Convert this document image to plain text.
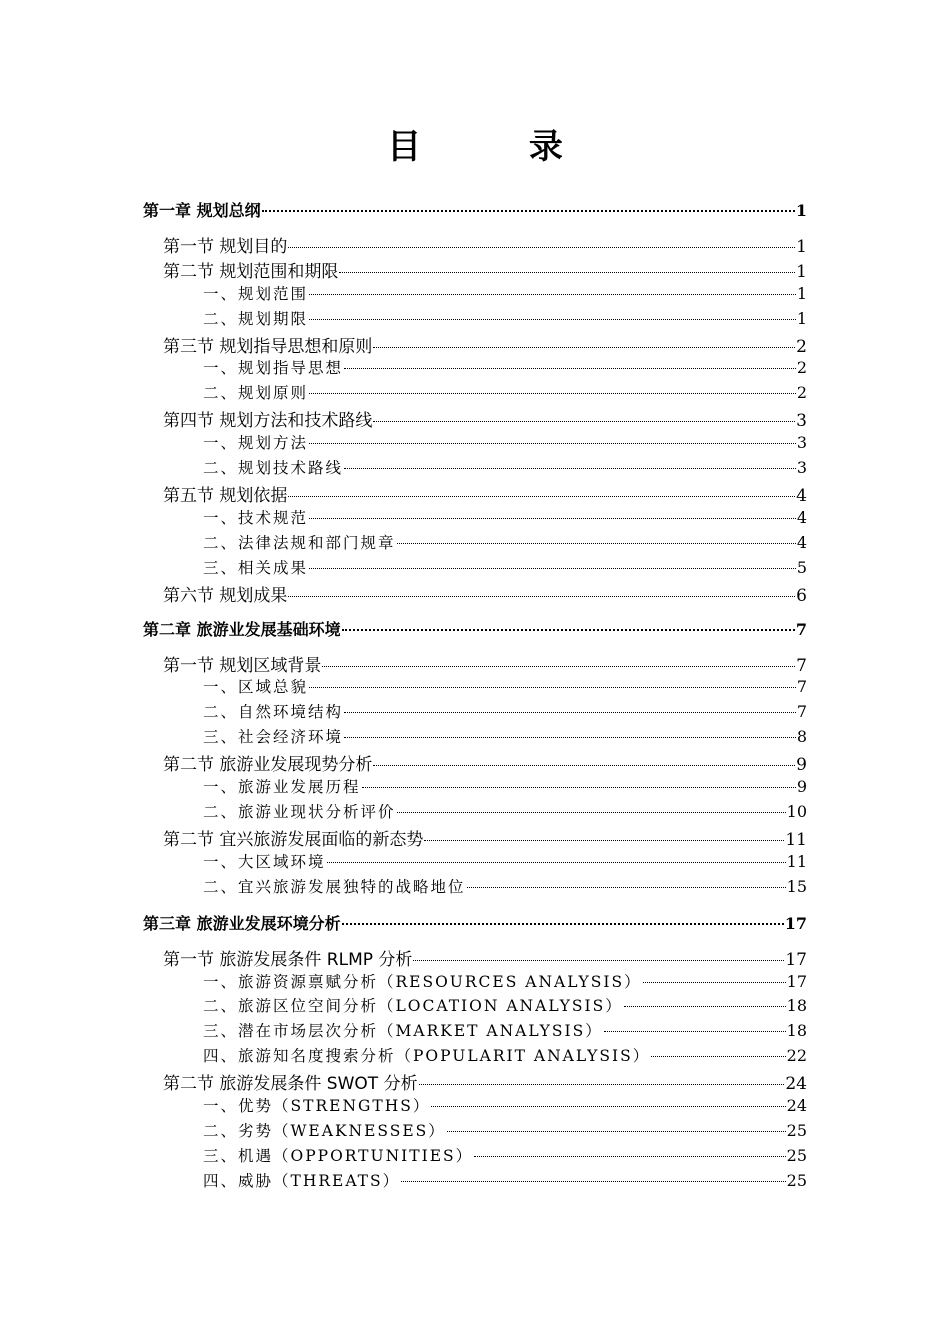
目 录
第一章 规划总纲	1
第一节 规划目的	1
第二节 规划范围和期限	1
一、规划范围	1
二、规划期限	1
第三节 规划指导思想和原则	2
一、规划指导思想	2
二、规划原则	2
第四节 规划方法和技术路线	3
一、规划方法	3
二、规划技术路线	3
第五节 规划依据	4
一、技术规范	4
二、法律法规和部门规章	4
三、相关成果	5
第六节 规划成果	6
第二章 旅游业发展基础环境	7
第一节 规划区域背景	7
一、区域总貌	7
二、自然环境结构	7
三、社会经济环境	8
第二节 旅游业发展现势分析	9
一、旅游业发展历程	9
二、旅游业现状分析评价	10
第二节 宜兴旅游发展面临的新态势	11
一、大区域环境	11
二、宜兴旅游发展独特的战略地位	15
第三章 旅游业发展环境分析	17
第一节 旅游发展条件 RLMP 分析	17
一、旅游资源禀赋分析（RESOURCES ANALYSIS）	17
二、旅游区位空间分析（LOCATION ANALYSIS）	18
三、潜在市场层次分析（MARKET ANALYSIS）	18
四、旅游知名度搜索分析（POPULARIT ANALYSIS）	22
第二节 旅游发展条件 SWOT 分析	24
一、优势（STRENGTHS）	24
二、劣势（WEAKNESSES）	25
三、机遇（OPPORTUNITIES）	25
四、威胁（THREATS）	25
